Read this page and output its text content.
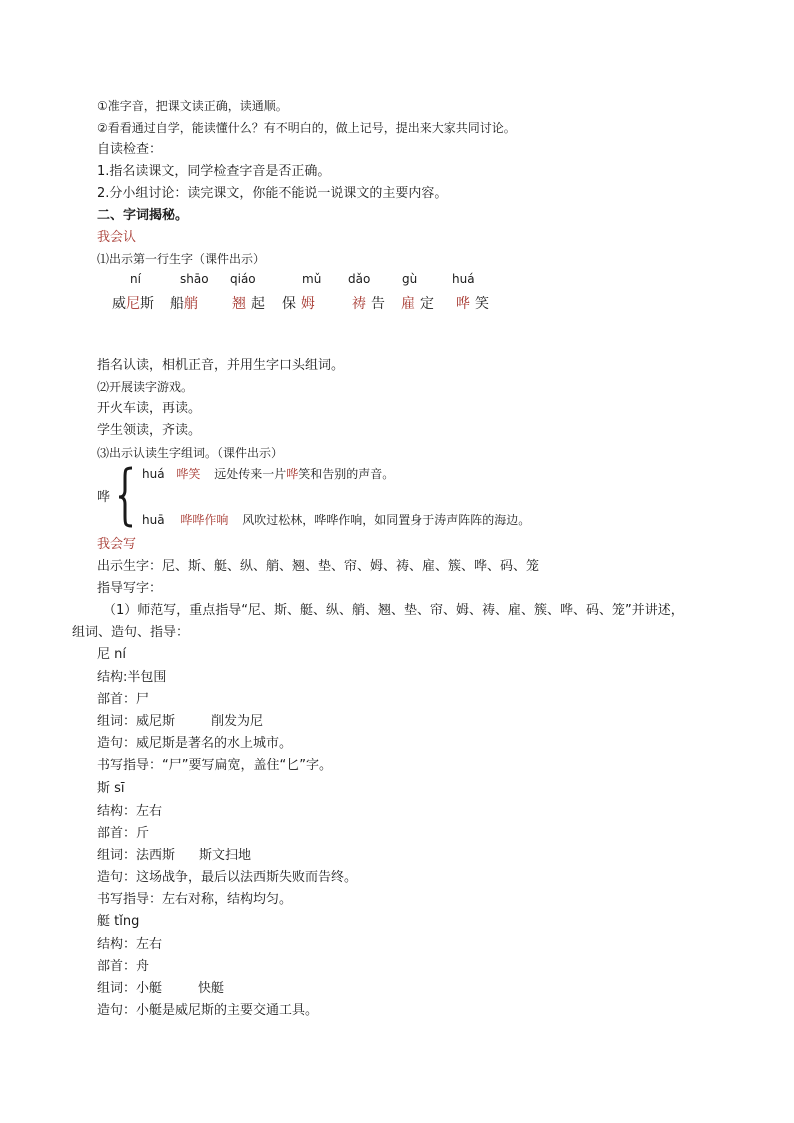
①准字音，把课文读正确，读通顺。
②看看通过自学，能读懂什么？有不明白的，做上记号，提出来大家共同讨论。
自读检查：
1.指名读课文，同学检查字音是否正确。
2.分小组讨论：读完课文，你能不能说一说课文的主要内容。
二、字词揭秘。
我会认
⑴出示第一行生字（课件出示）
ní	shāo qiáo	mǔ dǎo	gù	huá
威尼斯 船艄 翘起 保姆 祷告 雇定 哗笑
指名认读，相机正音，并用生字口头组词。
⑵开展读字游戏。
开火车读，再读。
学生领读，齐读。
⑶出示认读生字组词。（课件出示）
哗
huá 哗笑 远处传来一片哗笑和告别的声音。
huā 哗哗作响 风吹过松林，哗哗作响，如同置身于涛声阵阵的海边。
我会写
出示生字：尼、斯、艇、纵、艄、翘、垫、帘、姆、祷、雇、簇、哗、码、笼
指导写字：
（1）师范写，重点指导“尼、斯、艇、纵、艄、翘、垫、帘、姆、祷、雇、簇、哗、码、笼”并讲述，
组词、造句、指导：
尼 ní
结构:半包围
部首：尸
组词：威尼斯	削发为尼
造句：威尼斯是著名的水上城市。
书写指导：“尸”要写扁宽，盖住“匕”字。
斯 sī
结构：左右
部首：斤
组词：法西斯 斯文扫地
造句：这场战争，最后以法西斯失败而告终。
书写指导：左右对称，结构均匀。
艇 tǐng
结构：左右
部首：舟
组词：小艇	快艇
造句：小艇是威尼斯的主要交通工具。
